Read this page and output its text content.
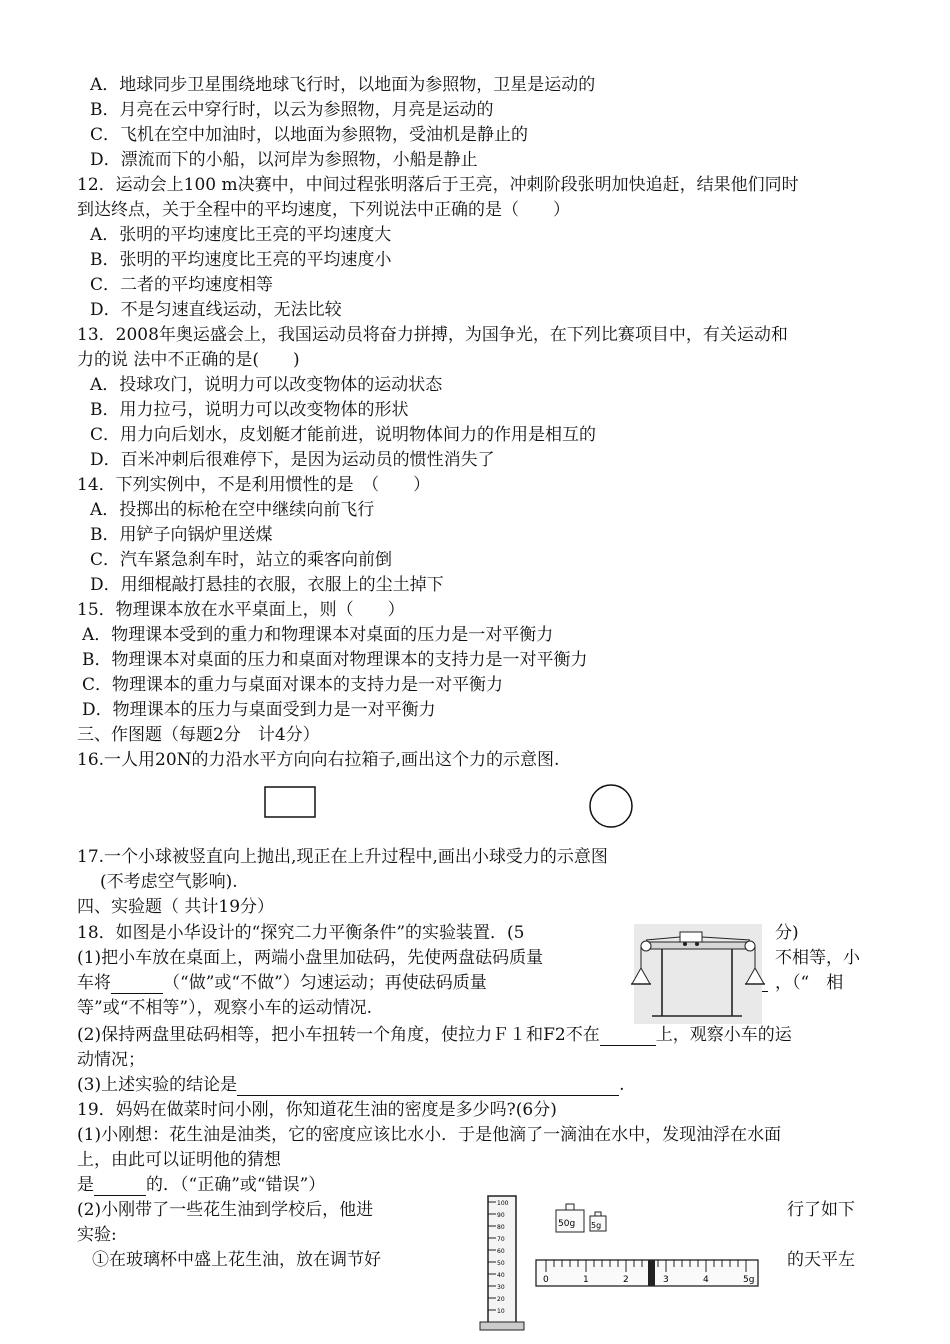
A．地球同步卫星围绕地球飞行时，以地面为参照物，卫星是运动的
B．月亮在云中穿行时，以云为参照物，月亮是运动的
C．飞机在空中加油时，以地面为参照物，受油机是静止的
D．漂流而下的小船，以河岸为参照物，小船是静止
12．运动会上100 m决赛中，中间过程张明落后于王亮，冲刺阶段张明加快追赶，结果他们同时
到达终点，关于全程中的平均速度，下列说法中正确的是（　　）
A．张明的平均速度比王亮的平均速度大
B．张明的平均速度比王亮的平均速度小
C．二者的平均速度相等
D．不是匀速直线运动，无法比较
13．2008年奥运盛会上，我国运动员将奋力拼搏，为国争光，在下列比赛项目中，有关运动和
力的说 法中不正确的是(　　)
A．投球攻门，说明力可以改变物体的运动状态
B．用力拉弓，说明力可以改变物体的形状
C．用力向后划水，皮划艇才能前进，说明物体间力的作用是相互的
D．百米冲刺后很难停下，是因为运动员的惯性消失了
14．下列实例中，不是利用惯性的是　（　　）
A．投掷出的标枪在空中继续向前飞行
B．用铲子向锅炉里送煤
C．汽车紧急刹车时，站立的乘客向前倒
D．用细棍敲打悬挂的衣服，衣服上的尘土掉下
15．物理课本放在水平桌面上，则（　　）
A．物理课本受到的重力和物理课本对桌面的压力是一对平衡力
B．物理课本对桌面的压力和桌面对物理课本的支持力是一对平衡力
C．物理课本的重力与桌面对课本的支持力是一对平衡力
D．物理课本的压力与桌面受到力是一对平衡力
三、作图题（每题2分　计4分）
16.一人用20N的力沿水平方向向右拉箱子,画出这个力的示意图.
17.一个小球被竖直向上抛出,现正在上升过程中,画出小球受力的示意图
(不考虑空气影响).
四、实验题（ 共计19分）
18．如图是小华设计的“探究二力平衡条件”的实验装置．(5	分)
(1)把小车放在桌面上，两端小盘里加砝码，先使两盘砝码质量	不相等，小
车将	（“做”或“不做”）匀速运动；再使砝码质量	，（“　相
等”或“不相等”），观察小车的运动情况.
(2)保持两盘里砝码相等，把小车扭转一个角度，使拉力Ｆ１和F2不在	上，观察小车的运
动情况；
(3)上述实验的结论是	.
19．妈妈在做菜时问小刚，你知道花生油的密度是多少吗?(6分)
(1)小刚想：花生油是油类，它的密度应该比水小．于是他滴了一滴油在水中，发现油浮在水面
上，由此可以证明他的猜想
是	的．（“正确”或“错误”）
(2)小刚带了一些花生油到学校后，他进	行了如下
实验:
①在玻璃杯中盛上花生油，放在调节好	的天平左
100
90
80
70
60
50
40
30
20
10
50g 5g
0	1	2	3	4	5g
